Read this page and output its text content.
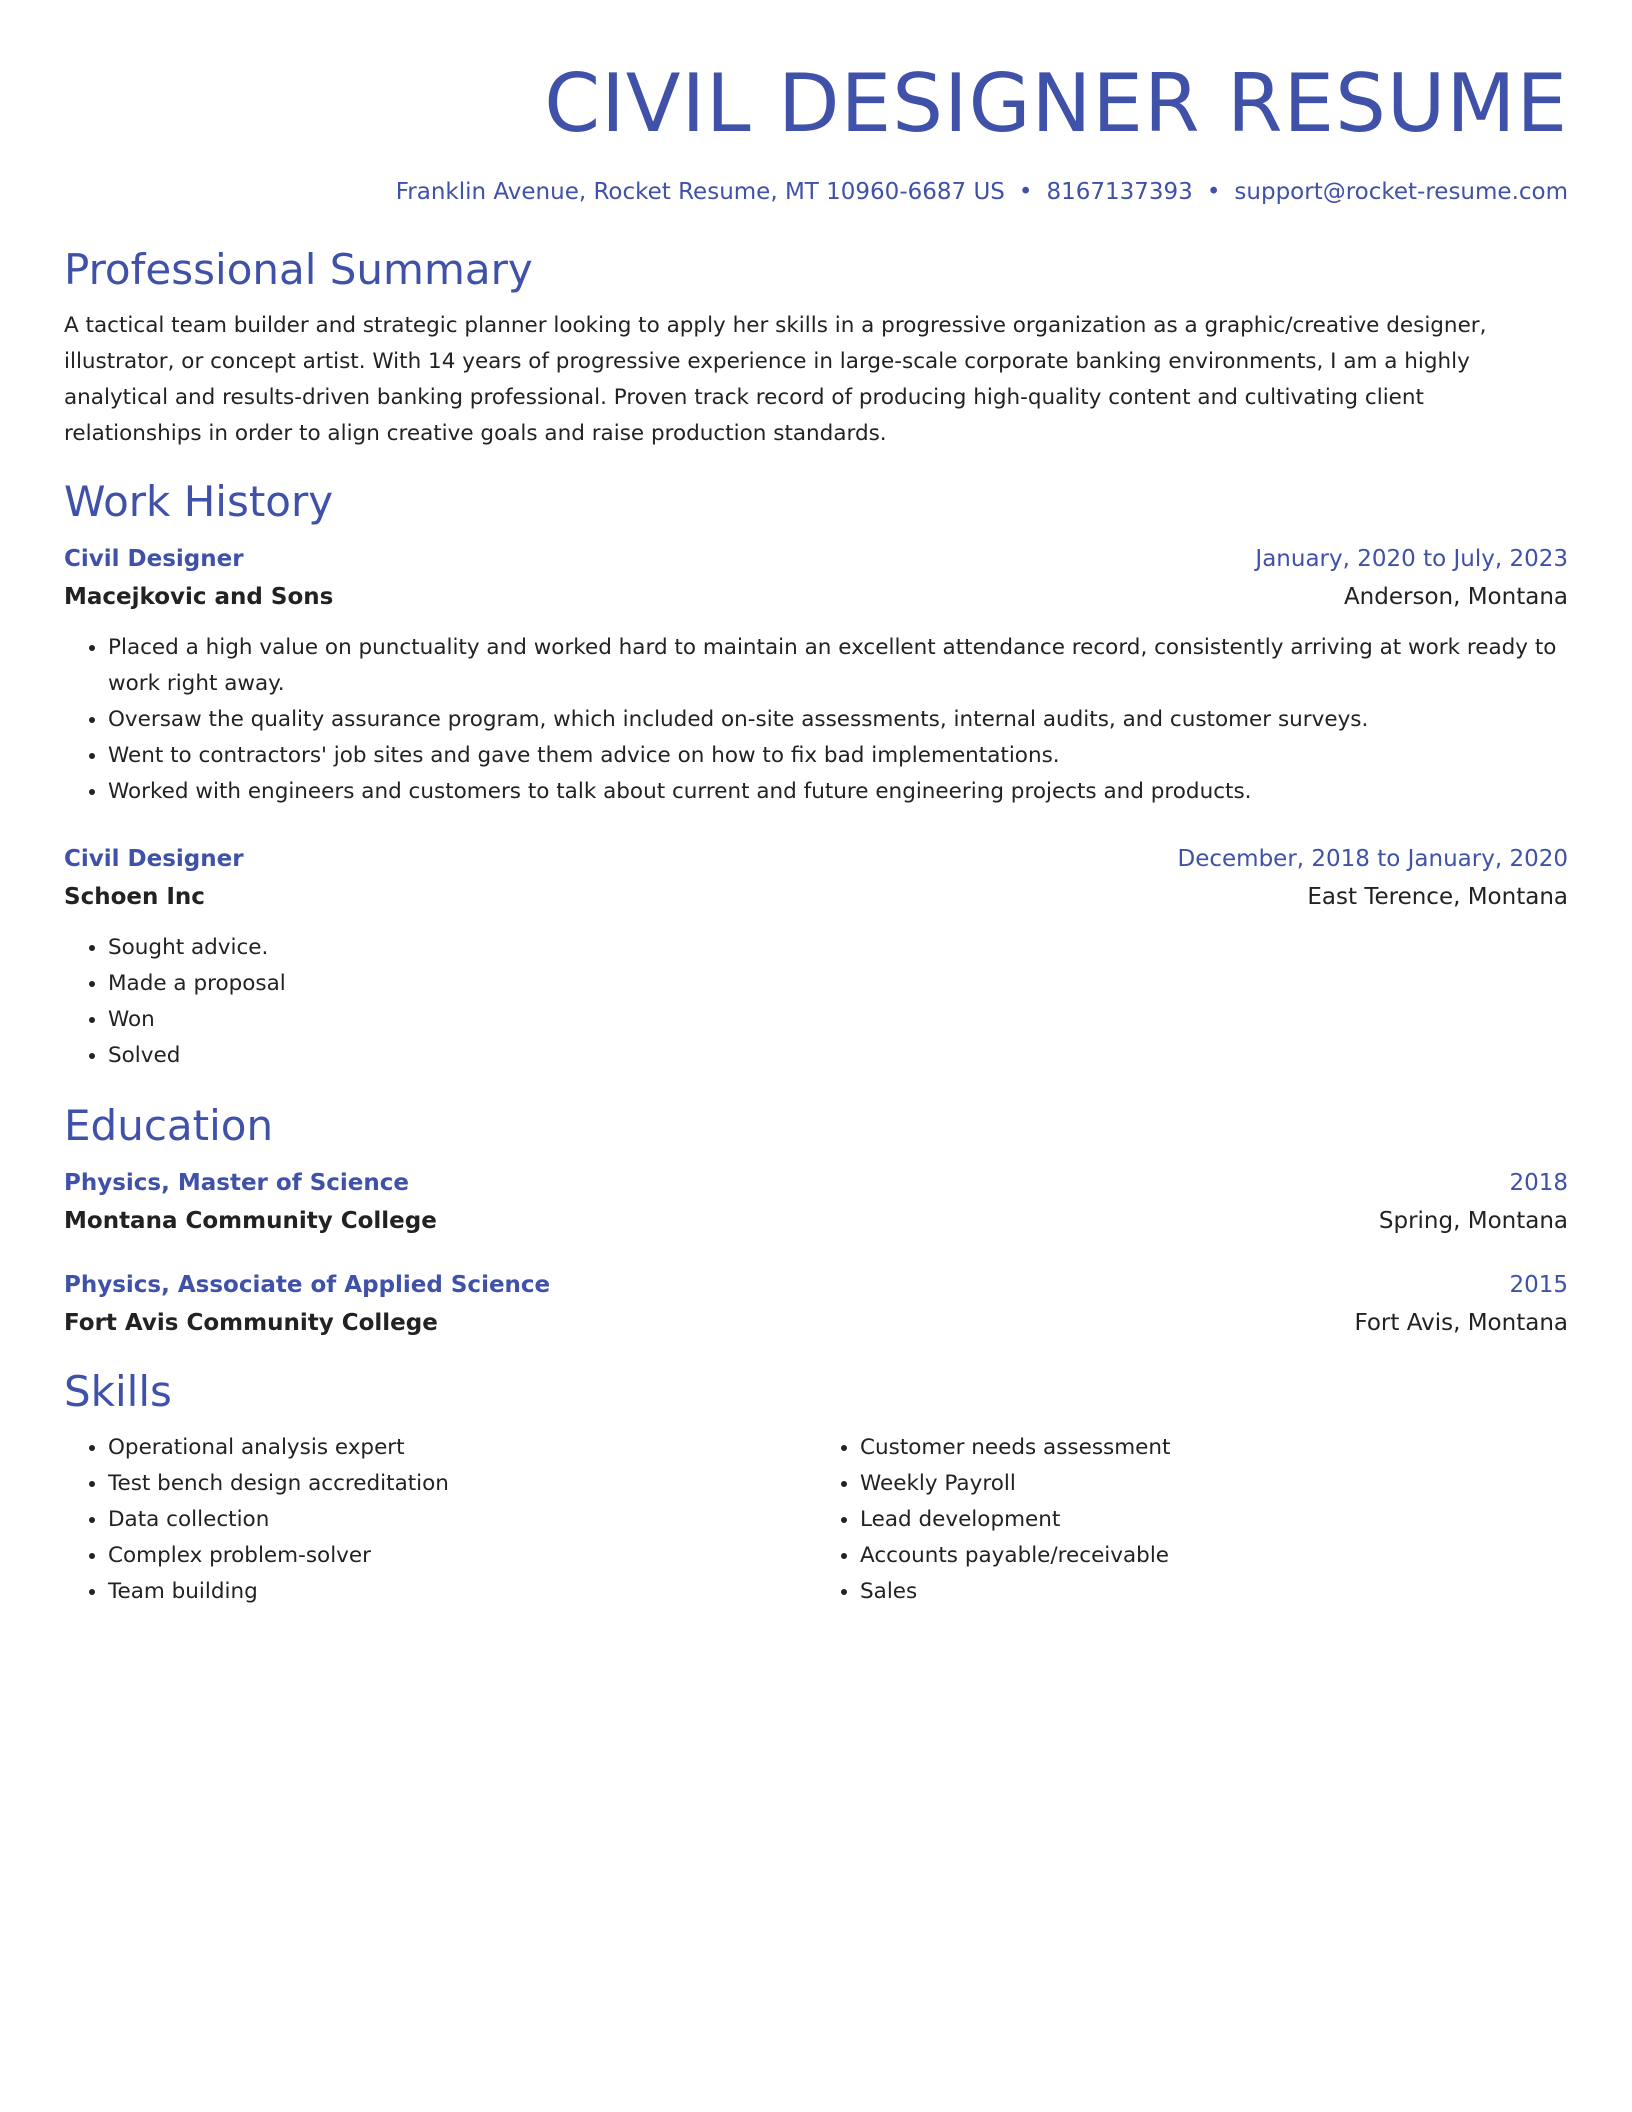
CIVIL DESIGNER RESUME
Franklin Avenue, Rocket Resume, MT 10960-6687 US • 8167137393 • support@rocket-resume.com
Professional Summary
A tactical team builder and strategic planner looking to apply her skills in a progressive organization as a graphic/creative designer, illustrator, or concept artist. With 14 years of progressive experience in large-scale corporate banking environments, I am a highly analytical and results-driven banking professional. Proven track record of producing high-quality content and cultivating client relationships in order to align creative goals and raise production standards.
Work History
Civil Designer	January, 2020 to July, 2023
Macejkovic and Sons	Anderson, Montana
• Placed a high value on punctuality and worked hard to maintain an excellent attendance record, consistently arriving at work ready to work right away.
• Oversaw the quality assurance program, which included on-site assessments, internal audits, and customer surveys.
• Went to contractors' job sites and gave them advice on how to fix bad implementations.
• Worked with engineers and customers to talk about current and future engineering projects and products.
Civil Designer	December, 2018 to January, 2020
Schoen Inc	East Terence, Montana
• Sought advice.
• Made a proposal
• Won
• Solved
Education
Physics, Master of Science	2018
Montana Community College	Spring, Montana
Physics, Associate of Applied Science	2015
Fort Avis Community College	Fort Avis, Montana
Skills
• Operational analysis expert
• Test bench design accreditation
• Data collection
• Complex problem-solver
• Team building
• Customer needs assessment
• Weekly Payroll
• Lead development
• Accounts payable/receivable
• Sales
